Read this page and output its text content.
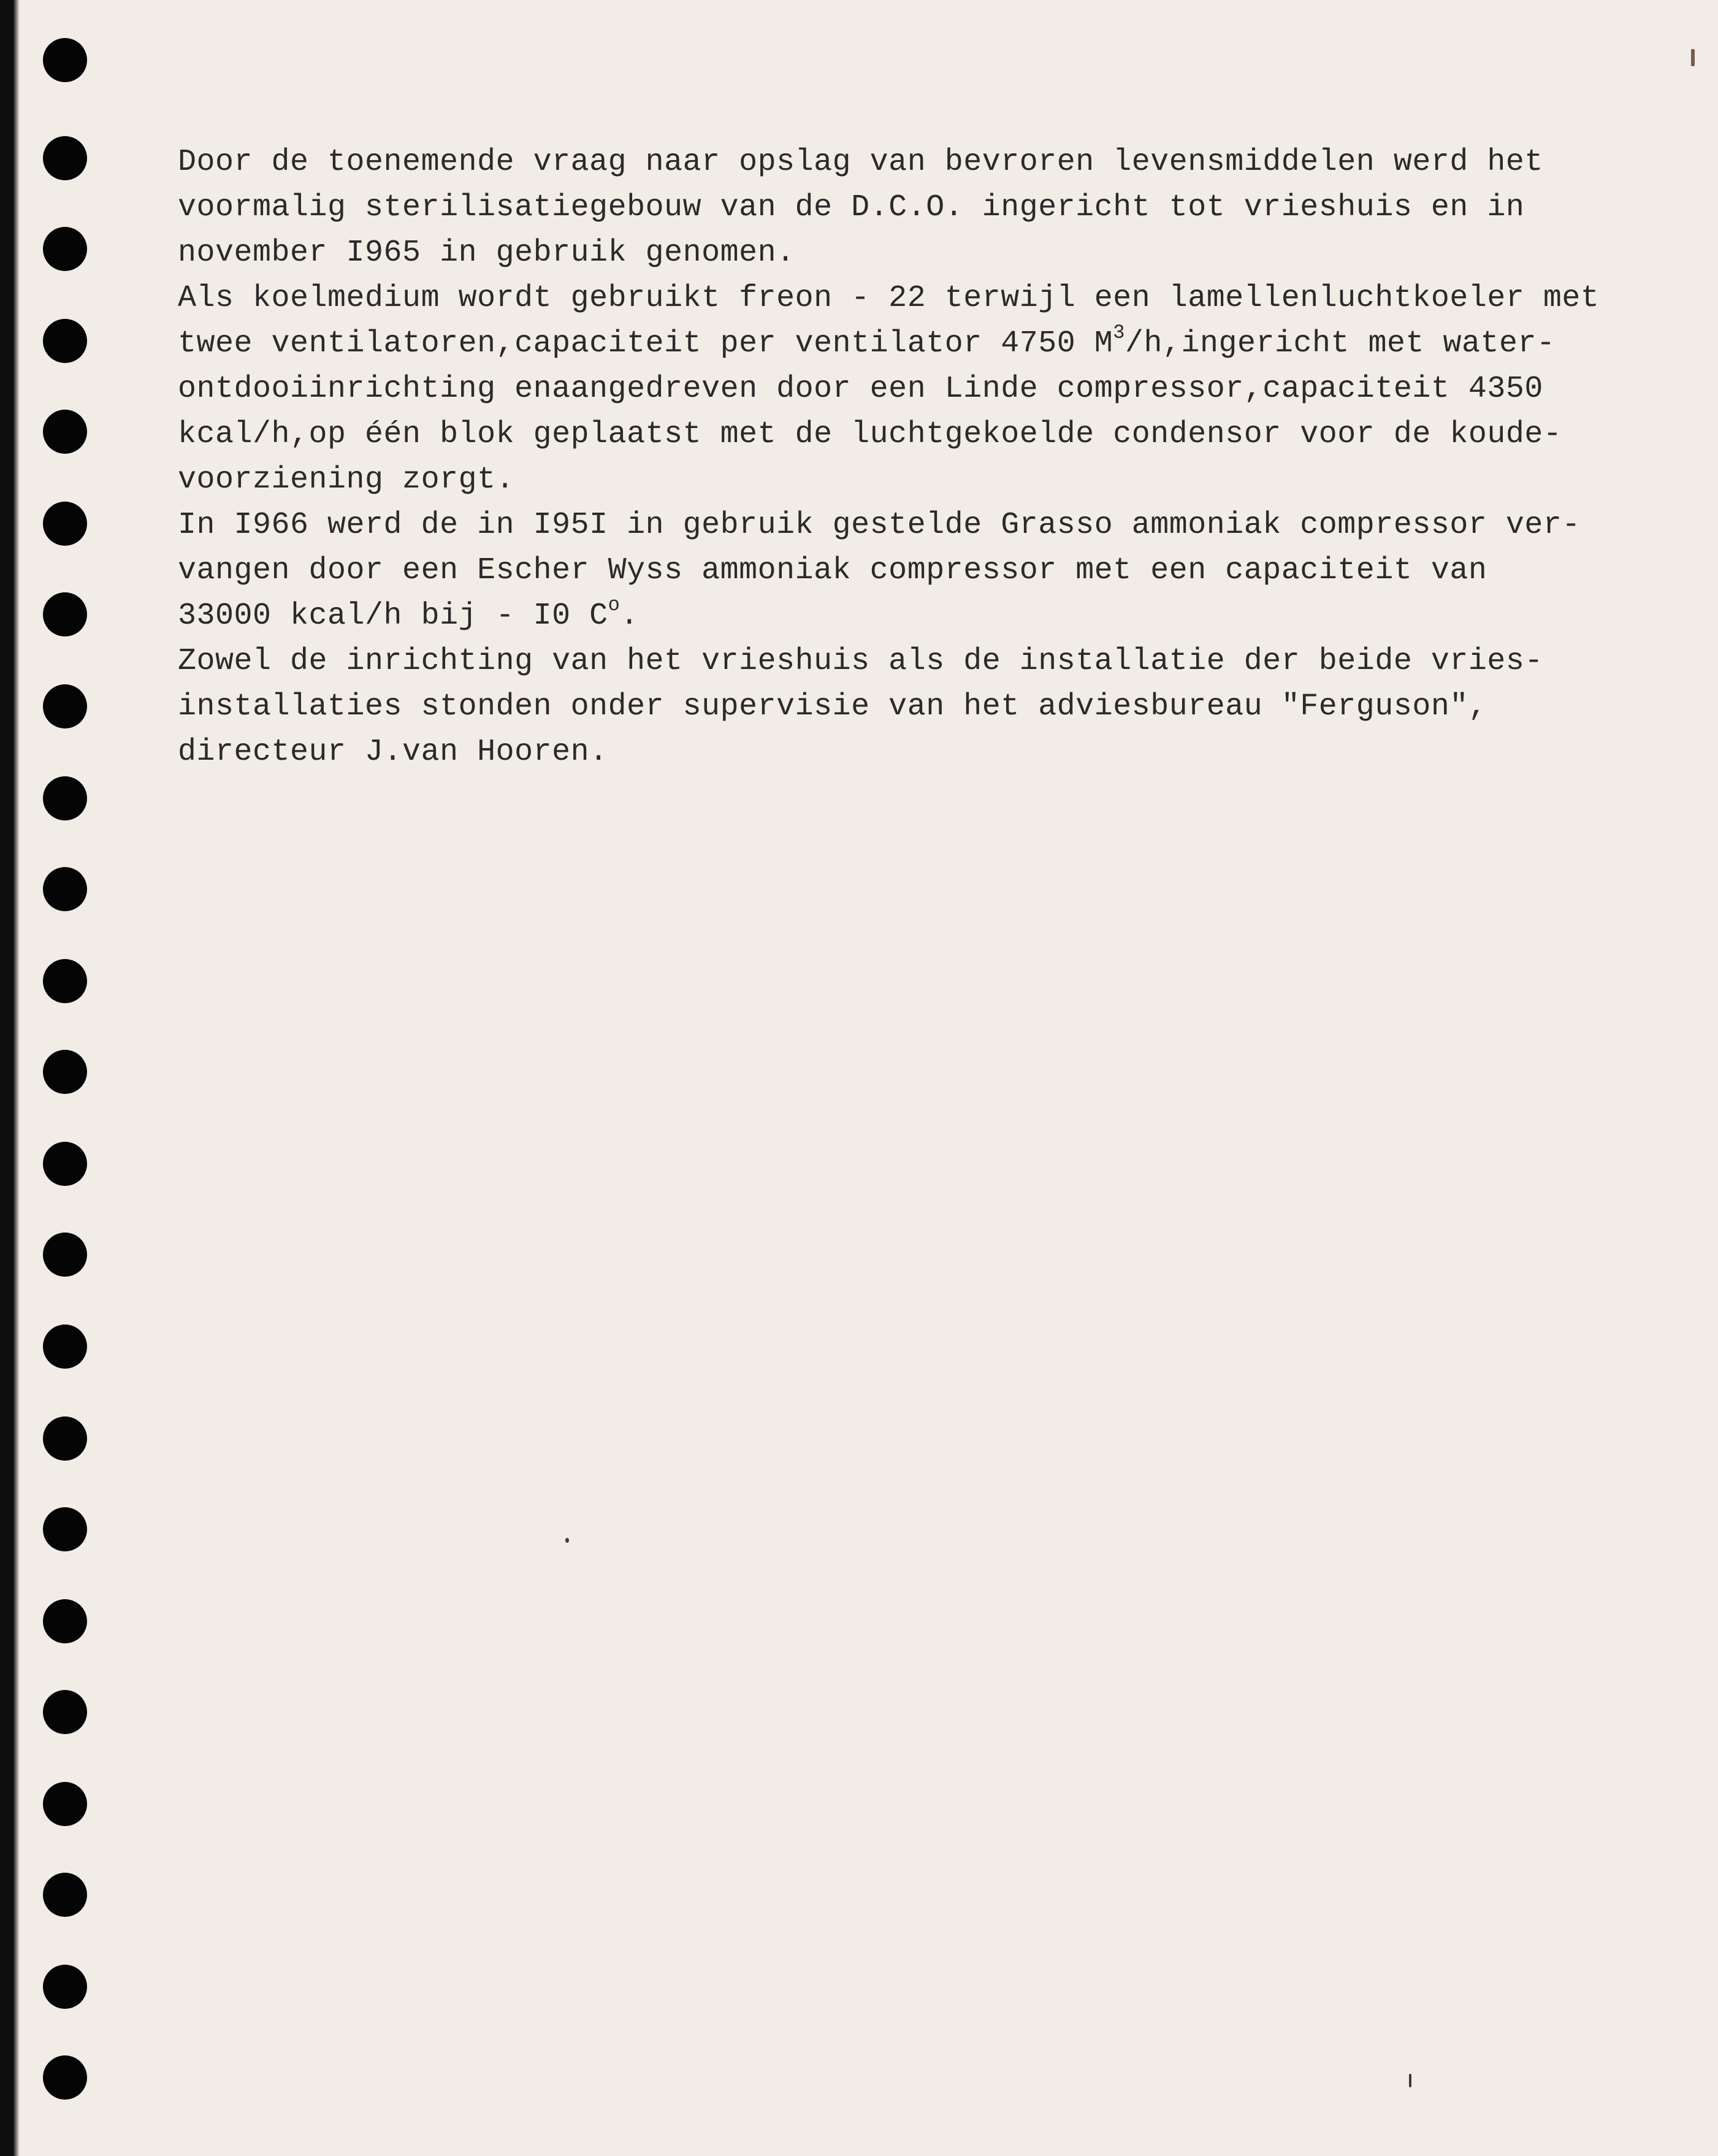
Door de toenemende vraag naar opslag van bevroren levensmiddelen werd het
voormalig sterilisatiegebouw van de D.C.O. ingericht tot vrieshuis en in
november I965 in gebruik genomen.
Als koelmedium wordt gebruikt freon - 22 terwijl een lamellenluchtkoeler met
twee ventilatoren,capaciteit per ventilator 4750 $M^3/h,ingericht$ met water-
ontdooiinrichting enaangedreven door een Linde compressor,capaciteit 4350
kcal/h,op één blok geplaatst met de luchtgekoelde condensor voor de koude-
voorziening zorgt.
In I966 werd de in I95I in gebruik gestelde Grasso ammoniak compressor ver-
vangen door een Escher Wyss ammoniak compressor met een capaciteit van
33000 kcal/h bij - I0 $C^o$.
Zowel de inrichting van het vrieshuis als de installatie der beide vries-
installaties stonden onder supervisie van het adviesbureau "Ferguson",
directeur J.van Hooren.
